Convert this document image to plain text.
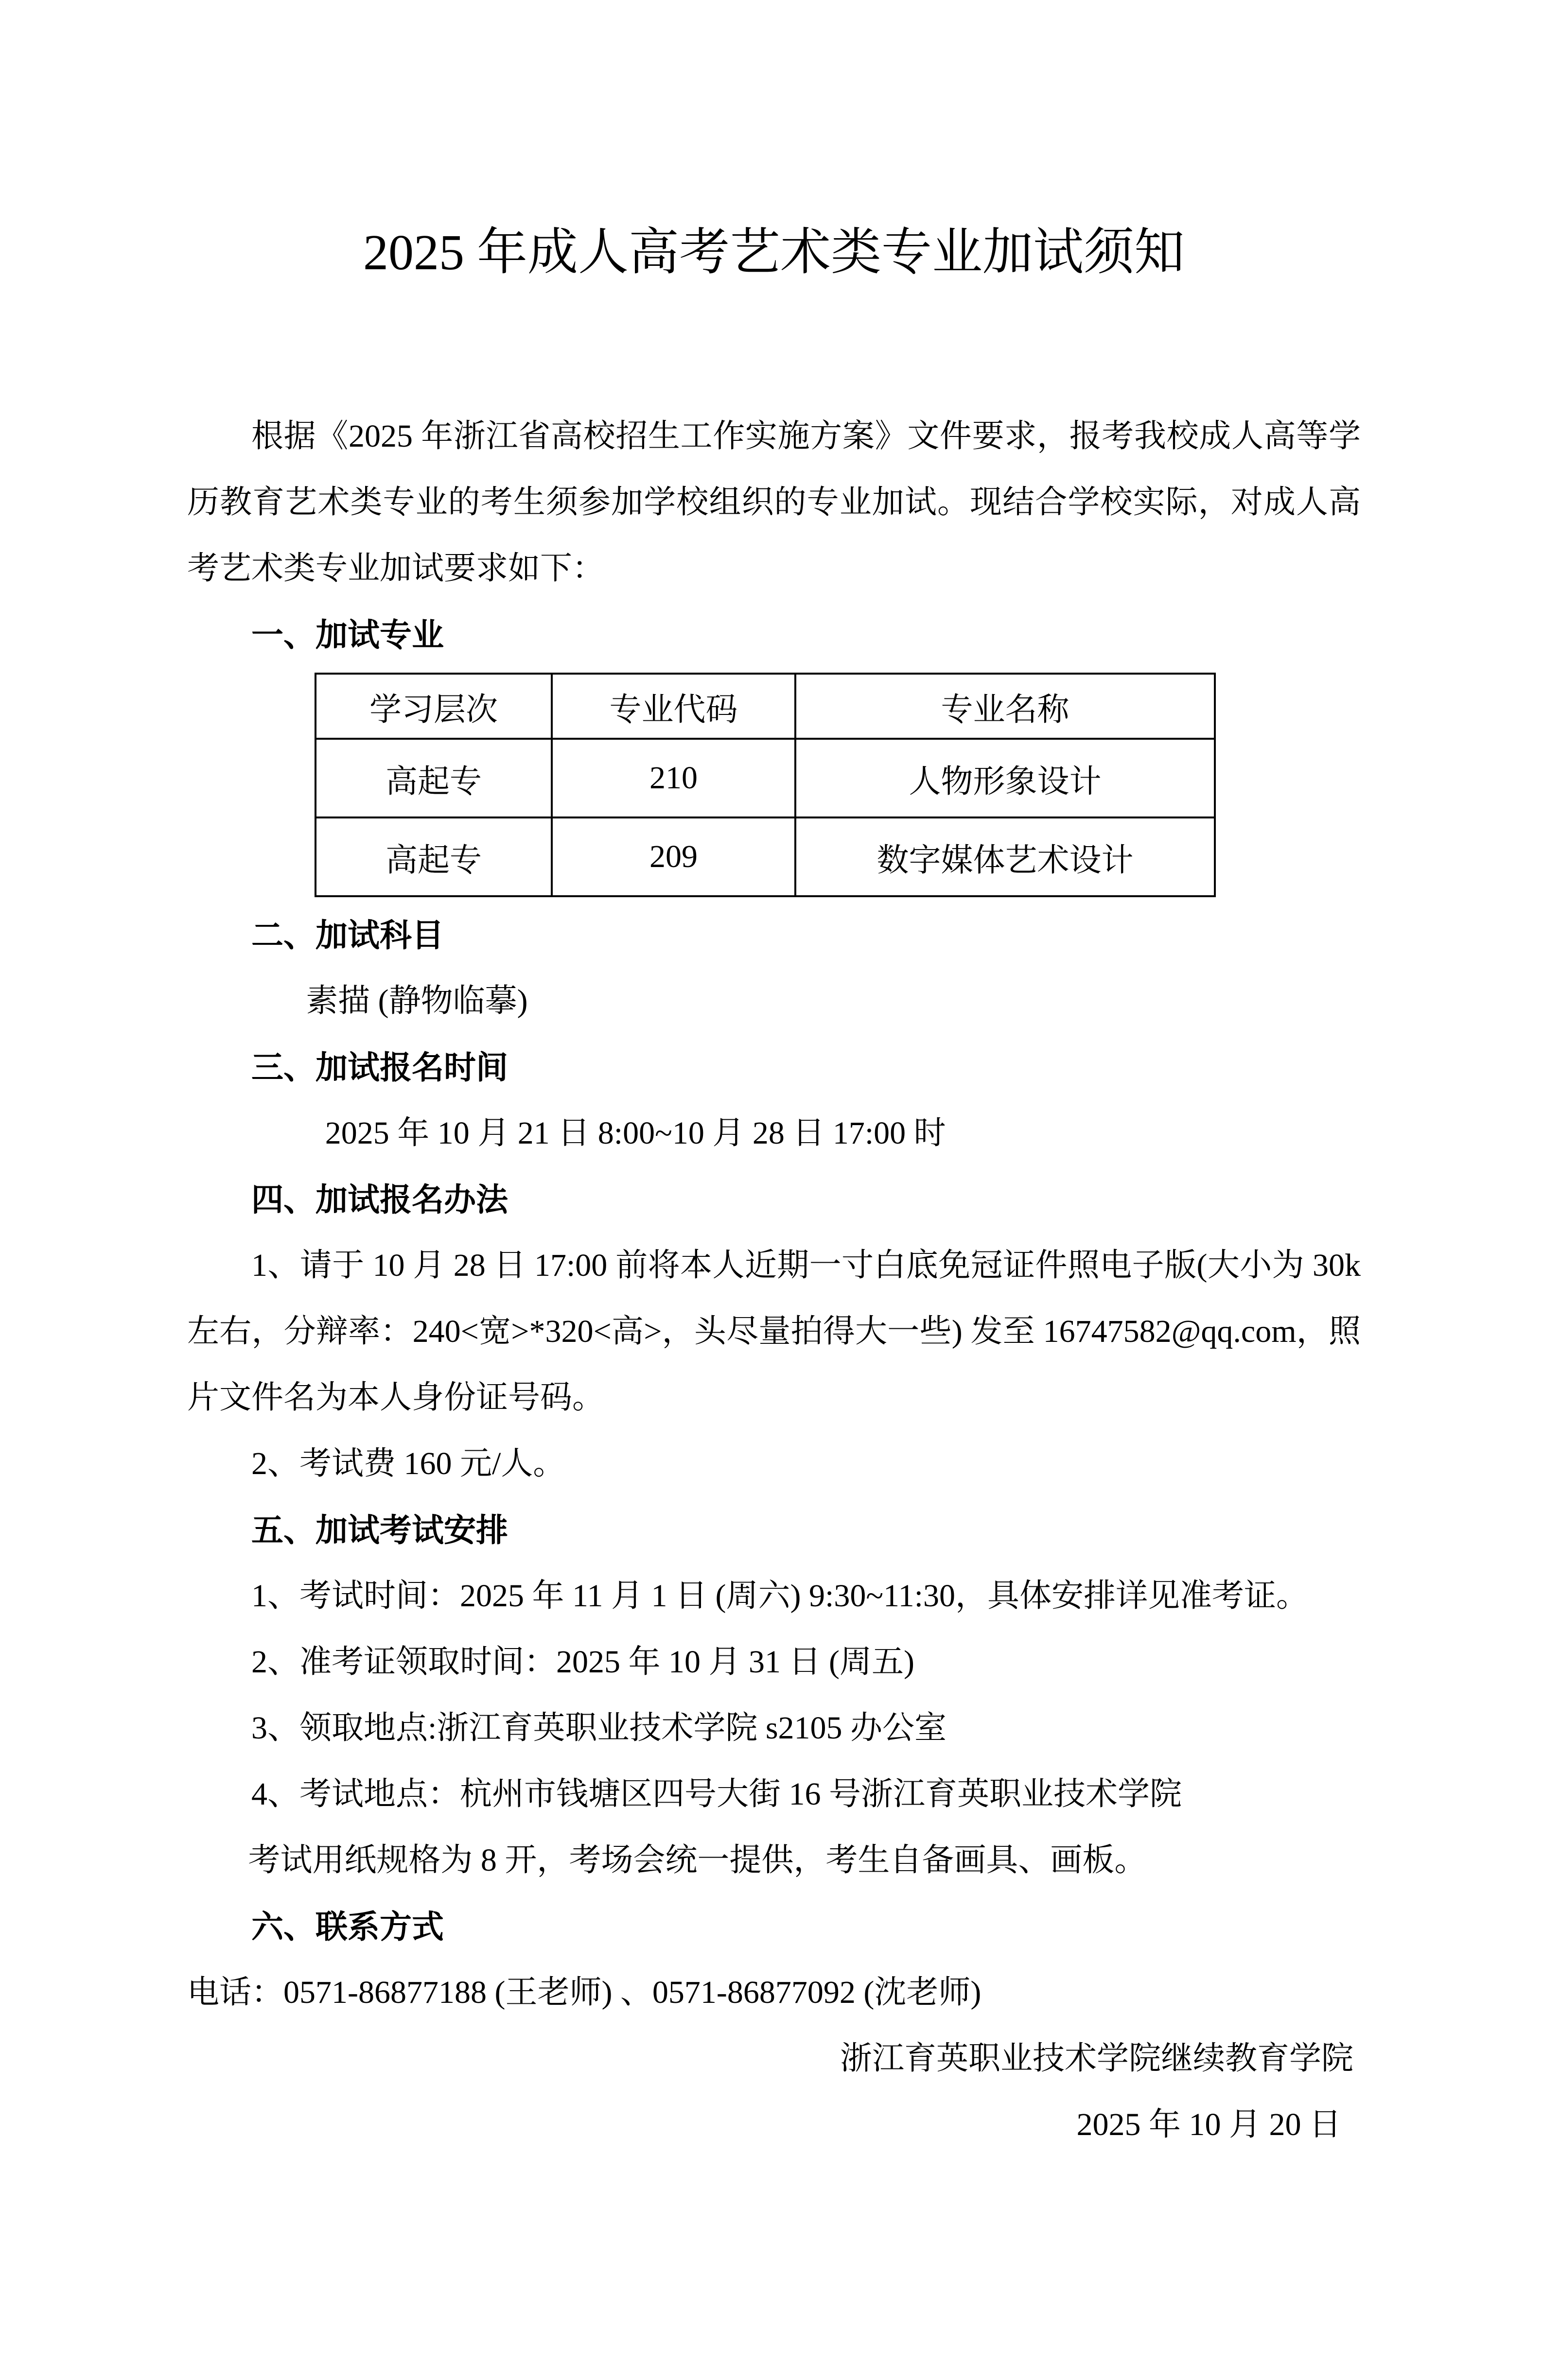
2025 年成人高考艺术类专业加试须知

根据《2025 年浙江省高校招生工作实施方案》文件要求，报考我校成人高等学历教育艺术类专业的考生须参加学校组织的专业加试。现结合学校实际，对成人高考艺术类专业加试要求如下：

一、加试专业

学习层次	专业代码	专业名称
高起专	210	人物形象设计
高起专	209	数字媒体艺术设计

二、加试科目

素描 (静物临摹)

三、加试报名时间

2025 年 10 月 21 日 8:00~10 月 28 日 17:00 时

四、加试报名办法

1、请于 10 月 28 日 17:00 前将本人近期一寸白底免冠证件照电子版(大小为 30k 左右，分辩率：240<宽>*320<高>，头尽量拍得大一些) 发至 16747582@qq.com，照片文件名为本人身份证号码。

2、考试费 160 元/人。

五、加试考试安排

1、考试时间：2025 年 11 月 1 日 (周六) 9:30~11:30，具体安排详见准考证。

2、准考证领取时间：2025 年 10 月 31 日 (周五)

3、领取地点:浙江育英职业技术学院 s2105 办公室

4、考试地点：杭州市钱塘区四号大街 16 号浙江育英职业技术学院

考试用纸规格为 8 开，考场会统一提供，考生自备画具、画板。

六、联系方式

电话：0571-86877188 (王老师) 、0571-86877092 (沈老师)

浙江育英职业技术学院继续教育学院

2025 年 10 月 20 日
